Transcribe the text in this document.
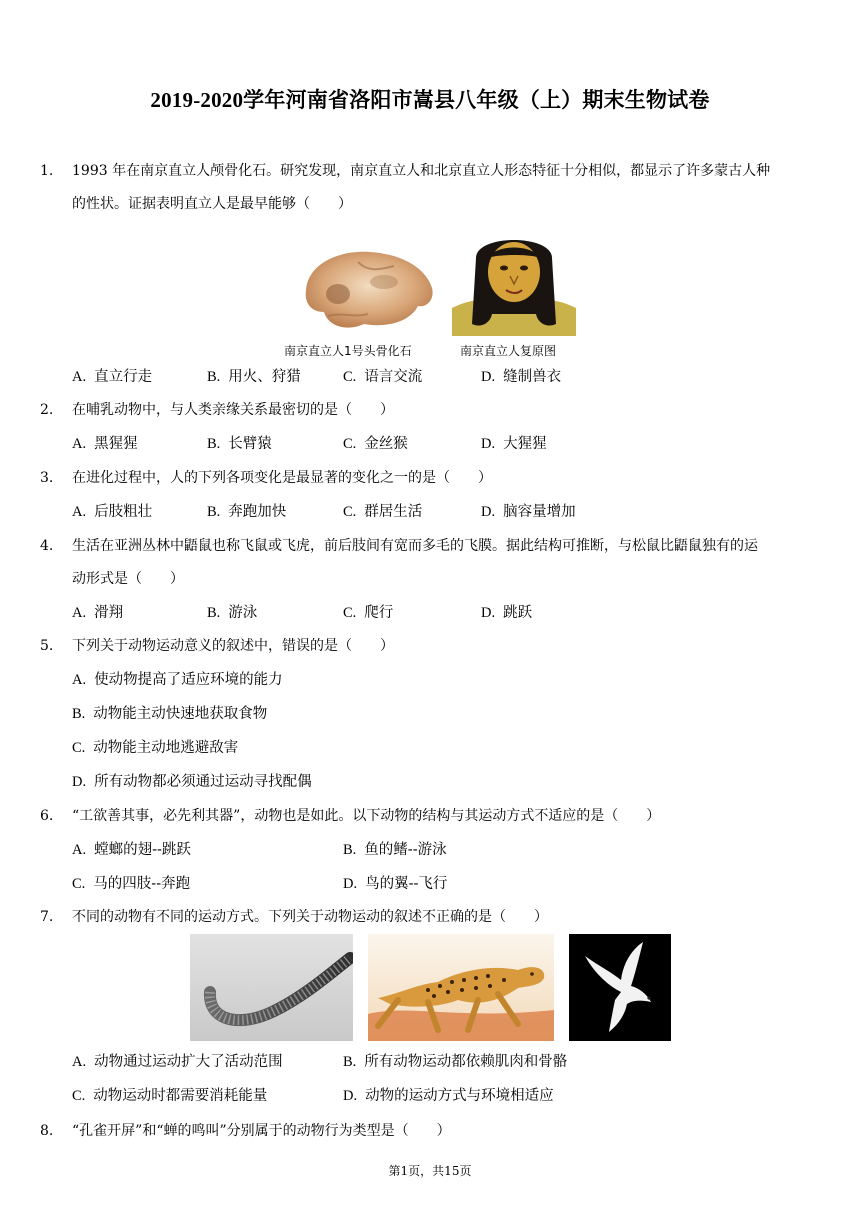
2019-2020学年河南省洛阳市嵩县八年级（上）期末生物试卷
1. 1993 年在南京直立人颅骨化石。研究发现，南京直立人和北京直立人形态特征十分相似，都显示了许多蒙古人种
的性状。证据表明直立人是最早能够（　　）
南京直立人1号头骨化石	南京直立人复原图
A. 直立行走	B. 用火、狩猎	C. 语言交流	D. 缝制兽衣
2. 在哺乳动物中，与人类亲缘关系最密切的是（　　）
A. 黑猩猩	B. 长臂猿	C. 金丝猴	D. 大猩猩
3. 在进化过程中，人的下列各项变化是最显著的变化之一的是（　　）
A. 后肢粗壮	B. 奔跑加快	C. 群居生活	D. 脑容量增加
4. 生活在亚洲丛林中鼯鼠也称飞鼠或飞虎，前后肢间有宽而多毛的飞膜。据此结构可推断，与松鼠比鼯鼠独有的运
动形式是（　　）
A. 滑翔	B. 游泳	C. 爬行	D. 跳跃
5. 下列关于动物运动意义的叙述中，错误的是（　　）
A. 使动物提高了适应环境的能力
B. 动物能主动快速地获取食物
C. 动物能主动地逃避敌害
D. 所有动物都必须通过运动寻找配偶
6. “工欲善其事，必先利其器”，动物也是如此。以下动物的结构与其运动方式不适应的是（　　）
A. 螳螂的翅--跳跃	B. 鱼的鳍--游泳
C. 马的四肢--奔跑	D. 鸟的翼--飞行
7. 不同的动物有不同的运动方式。下列关于动物运动的叙述不正确的是（　　）
A. 动物通过运动扩大了活动范围	B. 所有动物运动都依赖肌肉和骨骼
C. 动物运动时都需要消耗能量	D. 动物的运动方式与环境相适应
8. “孔雀开屏”和“蝉的鸣叫”分别属于的动物行为类型是（　　）
第1页，共15页
